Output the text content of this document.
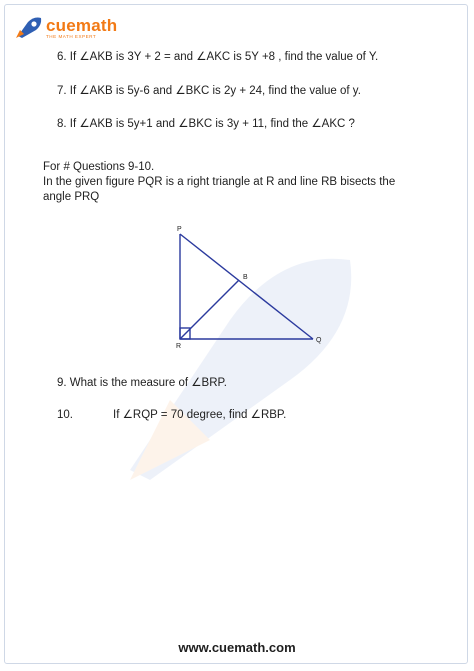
cuemath
THE MATH EXPERT
6. If ∠AKB is 3Y + 2 = and ∠AKC is 5Y +8 , find the value of Y.
7. If ∠AKB is 5y-6 and ∠BKC is 2y + 24, find the value of y.
8. If ∠AKB is 5y+1 and ∠BKC is 3y + 11, find the ∠AKC ?
For # Questions 9-10.
In the given figure PQR is a right triangle at R and line RB bisects the
angle PRQ
P
B
R
Q
9. What is the measure of ∠BRP.
10.	If ∠RQP = 70 degree, find ∠RBP.
www.cuemath.com
